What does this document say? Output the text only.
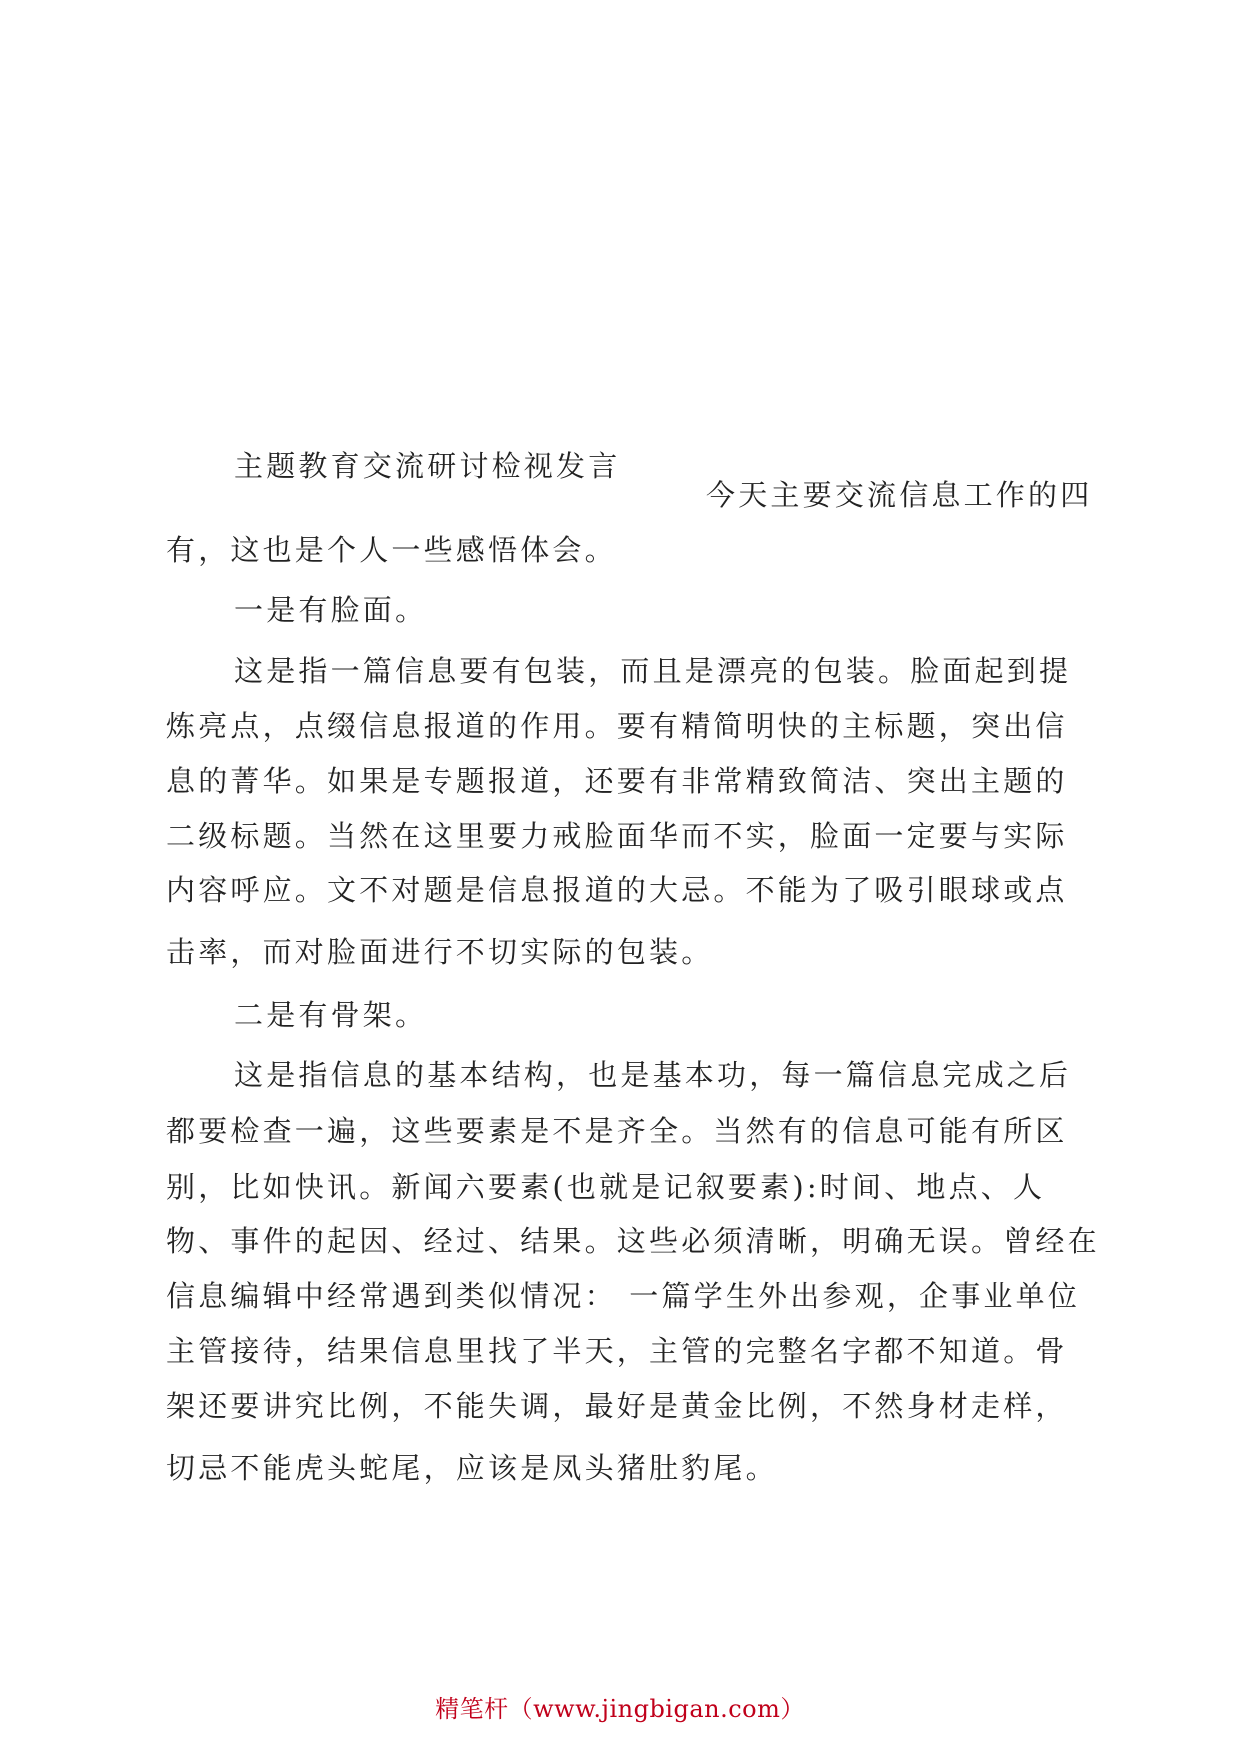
主题教育交流研讨检视发言
今天主要交流信息工作的四
有，这也是个人一些感悟体会。
一是有脸面。
这是指一篇信息要有包装，而且是漂亮的包装。脸面起到提
炼亮点，点缀信息报道的作用。要有精简明快的主标题，突出信
息的菁华。如果是专题报道，还要有非常精致简洁、突出主题的
二级标题。当然在这里要力戒脸面华而不实，脸面一定要与实际
内容呼应。文不对题是信息报道的大忌。不能为了吸引眼球或点
击率，而对脸面进行不切实际的包装。
二是有骨架。
这是指信息的基本结构，也是基本功，每一篇信息完成之后
都要检查一遍，这些要素是不是齐全。当然有的信息可能有所区
别，比如快讯。新闻六要素(也就是记叙要素):时间、地点、人
物、事件的起因、经过、结果。这些必须清晰，明确无误。曾经在
信息编辑中经常遇到类似情况： 一篇学生外出参观，企事业单位
主管接待，结果信息里找了半天，主管的完整名字都不知道。骨
架还要讲究比例，不能失调，最好是黄金比例，不然身材走样，
切忌不能虎头蛇尾，应该是凤头猪肚豹尾。
精笔杆（www.jingbigan.com）
